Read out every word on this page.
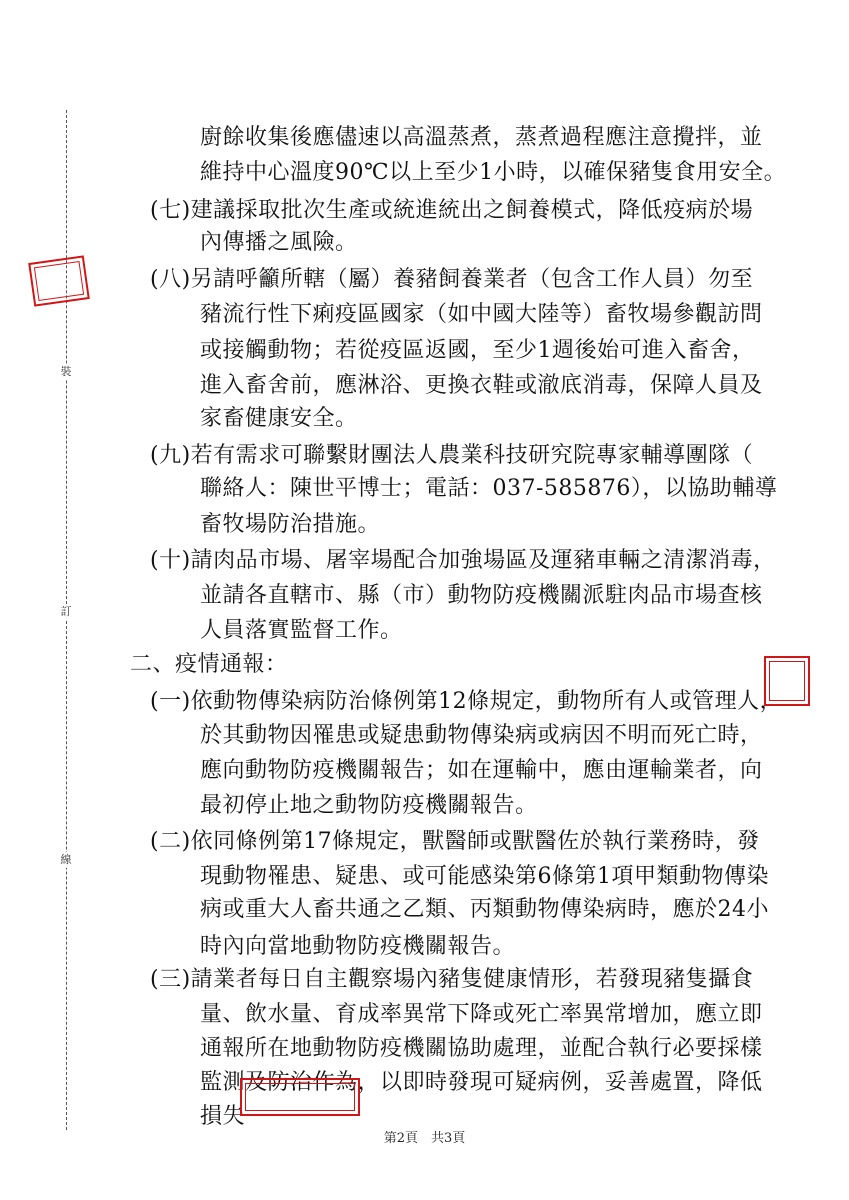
裝
訂
線
廚餘收集後應儘速以高溫蒸煮，蒸煮過程應注意攪拌，並
維持中心溫度90℃以上至少1小時，以確保豬隻食用安全。
(七)建議採取批次生產或統進統出之飼養模式，降低疫病於場
內傳播之風險。
(八)另請呼籲所轄（屬）養豬飼養業者（包含工作人員）勿至
豬流行性下痢疫區國家（如中國大陸等）畜牧場參觀訪問
或接觸動物；若從疫區返國，至少1週後始可進入畜舍，
進入畜舍前，應淋浴、更換衣鞋或澈底消毒，保障人員及
家畜健康安全。
(九)若有需求可聯繫財團法人農業科技研究院專家輔導團隊（
聯絡人：陳世平博士；電話：037-585876），以協助輔導
畜牧場防治措施。
(十)請肉品市場、屠宰場配合加強場區及運豬車輛之清潔消毒，
並請各直轄市、縣（市）動物防疫機關派駐肉品市場查核
人員落實監督工作。
二、疫情通報：
(一)依動物傳染病防治條例第12條規定，動物所有人或管理人，
於其動物因罹患或疑患動物傳染病或病因不明而死亡時，
應向動物防疫機關報告；如在運輸中，應由運輸業者，向
最初停止地之動物防疫機關報告。
(二)依同條例第17條規定，獸醫師或獸醫佐於執行業務時，發
現動物罹患、疑患、或可能感染第6條第1項甲類動物傳染
病或重大人畜共通之乙類、丙類動物傳染病時，應於24小
時內向當地動物防疫機關報告。
(三)請業者每日自主觀察場內豬隻健康情形，若發現豬隻攝食
量、飲水量、育成率異常下降或死亡率異常增加，應立即
通報所在地動物防疫機關協助處理，並配合執行必要採樣
監測及防治作為，以即時發現可疑病例，妥善處置，降低
損失
第2頁　共3頁
